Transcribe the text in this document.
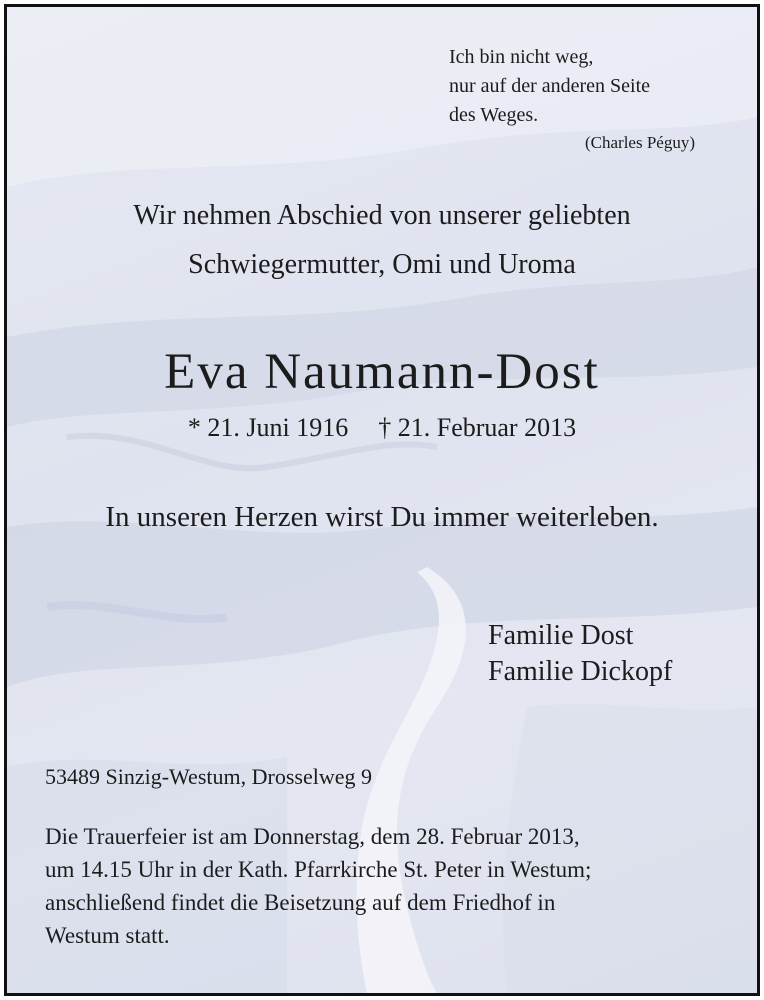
Ich bin nicht weg,
nur auf der anderen Seite
des Weges.
(Charles Péguy)
Wir nehmen Abschied von unserer geliebten
Schwiegermutter, Omi und Uroma
Eva Naumann-Dost
* 21. Juni 1916 † 21. Februar 2013
In unseren Herzen wirst Du immer weiterleben.
Familie Dost
Familie Dickopf
53489 Sinzig-Westum, Drosselweg 9
Die Trauerfeier ist am Donnerstag, dem 28. Februar 2013,
um 14.15 Uhr in der Kath. Pfarrkirche St. Peter in Westum;
anschließend findet die Beisetzung auf dem Friedhof in
Westum statt.
